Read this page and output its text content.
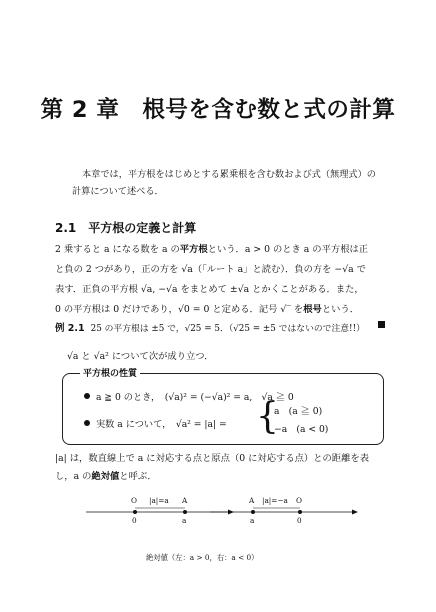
第 2 章　根号を含む数と式の計算
本章では，平方根をはじめとする累乗根を含む数および式（無理式）の
計算について述べる．
2.1 平方根の定義と計算
2 乗すると a になる数を a の平方根という．a > 0 のとき a の平方根は正
と負の 2 つがあり，正の方を √a（「ルート a」と読む）．負の方を −√a で
表す．正負の平方根 √a, −√a をまとめて ±√a とかくことがある．また，
0 の平方根は 0 だけであり，√0 = 0 と定める．記号 √‾ を根号という．
例 2.1 25 の平方根は ±5 で，√25 = 5．（√25 = ±5 ではないので注意!!）
√a と √a² について次が成り立つ．
平方根の性質
a ≧ 0 のとき，　(√a)² = (−√a)² = a,　√a ≧ 0
実数 a について，　√a² = |a| = {
a　(a ≧ 0)
−a　(a < 0)
|a| は，数直線上で a に対応する点と原点（0 に対応する点）との距離を表
し，a の絶対値と呼ぶ．
O |a|=a A
0	a
A |a|=−a O
a	0
絶対値（左：a > 0，右：a < 0）
